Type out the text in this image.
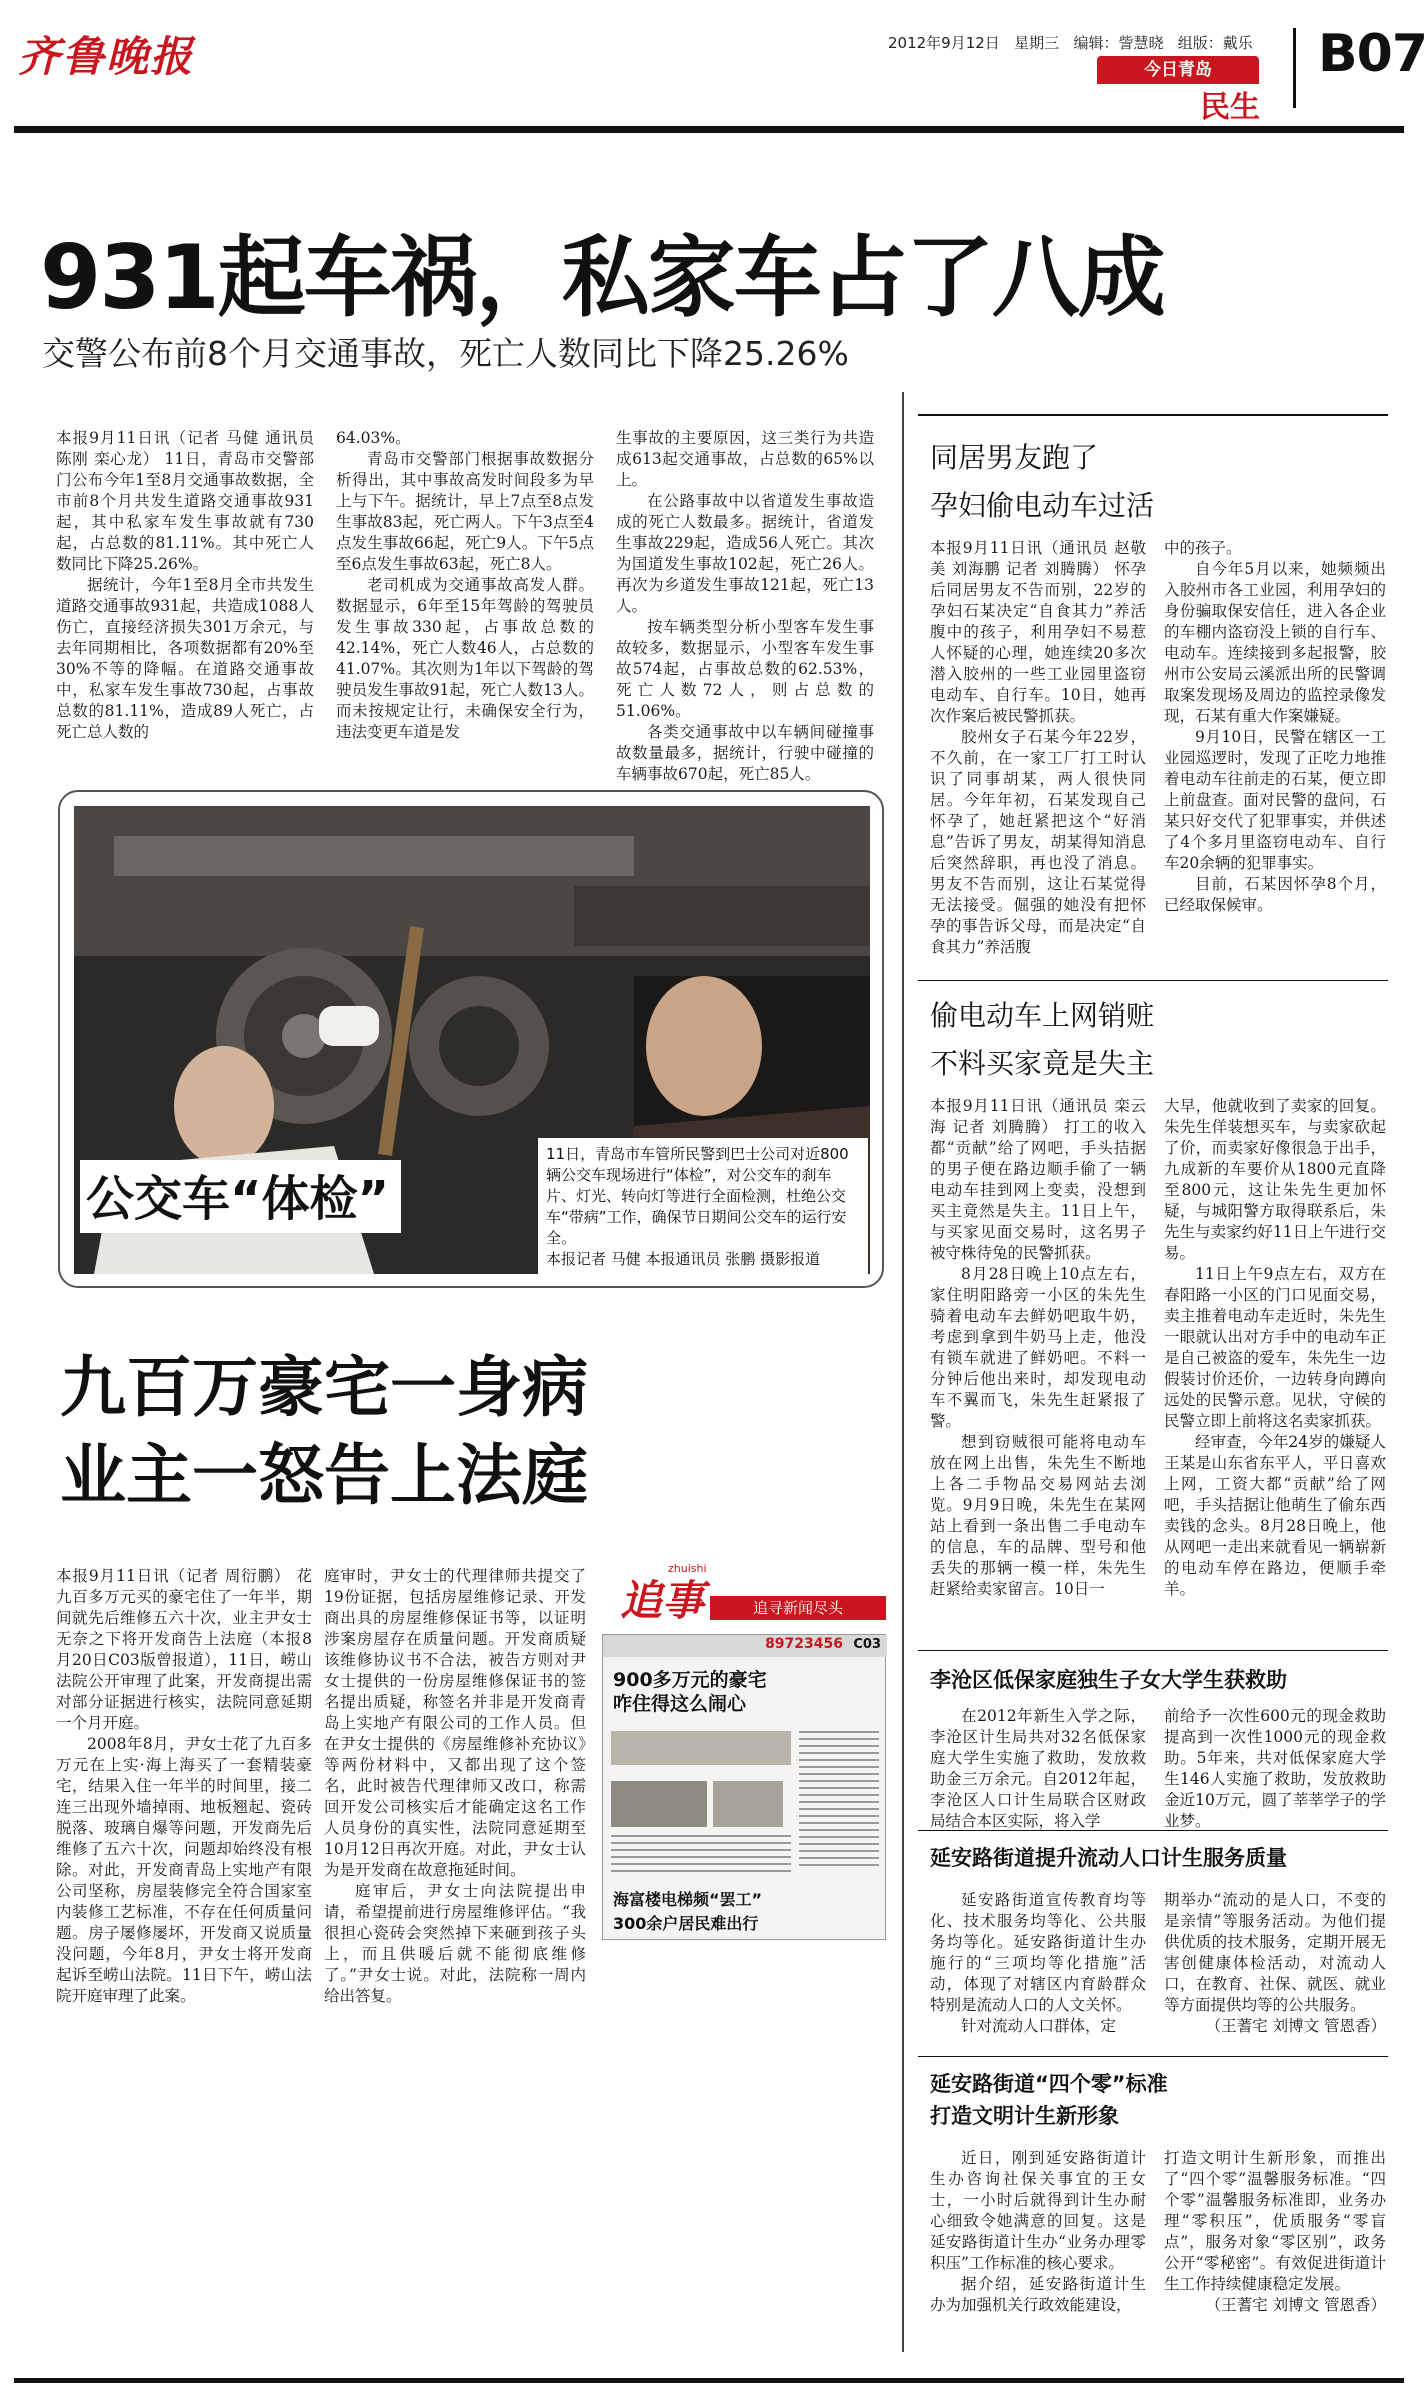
齐鲁晚报	2012年9月12日 星期三 编辑：訾慧晓 组版：戴乐
今日青岛
民生
B07
931起车祸，私家车占了八成
交警公布前8个月交通事故，死亡人数同比下降25.26%

本报9月11日讯（记者 马健 通讯员 陈刚 栾心龙） 11日，青岛市交警部门公布今年1至8月交通事故数据，全市前8个月共发生道路交通事故931起，其中私家车发生事故就有730起，占总数的81.11%。其中死亡人数同比下降25.26%。

据统计，今年1至8月全市共发生道路交通事故931起，共造成1088人伤亡，直接经济损失301万余元，与去年同期相比，各项数据都有20%至30%不等的降幅。在道路交通事故中，私家车发生事故730起，占事故总数的81.11%，造成89人死亡，占死亡总人数的

64.03%。

青岛市交警部门根据事故数据分析得出，其中事故高发时间段多为早上与下午。据统计，早上7点至8点发生事故83起，死亡两人。下午3点至4点发生事故66起，死亡9人。下午5点至6点发生事故63起，死亡8人。

老司机成为交通事故高发人群。数据显示，6年至15年驾龄的驾驶员发生事故330起，占事故总数的42.14%，死亡人数46人，占总数的41.07%。其次则为1年以下驾龄的驾驶员发生事故91起，死亡人数13人。而未按规定让行，未确保安全行为，违法变更车道是发

生事故的主要原因，这三类行为共造成613起交通事故，占总数的65%以上。

在公路事故中以省道发生事故造成的死亡人数最多。据统计，省道发生事故229起，造成56人死亡。其次为国道发生事故102起，死亡26人。再次为乡道发生事故121起，死亡13人。

按车辆类型分析小型客车发生事故较多，数据显示，小型客车发生事故574起，占事故总数的62.53%，死亡人数72人，则占总数的51.06%。

各类交通事故中以车辆间碰撞事故数量最多，据统计，行驶中碰撞的车辆事故670起，死亡85人。

公交车“体检”
11日，青岛市车管所民警到巴士公司对近800辆公交车现场进行“体检”，对公交车的刹车片、灯光、转向灯等进行全面检测，杜绝公交车“带病”工作，确保节日期间公交车的运行安全。
本报记者 马健 本报通讯员 张鹏 摄影报道
九百万豪宅一身病
业主一怒告上法庭

本报9月11日讯（记者 周衍鹏） 花九百多万元买的豪宅住了一年半，期间就先后维修五六十次，业主尹女士无奈之下将开发商告上法庭（本报8月20日C03版曾报道），11日，崂山法院公开审理了此案，开发商提出需对部分证据进行核实，法院同意延期一个月开庭。

2008年8月，尹女士花了九百多万元在上实·海上海买了一套精装豪宅，结果入住一年半的时间里，接二连三出现外墙掉雨、地板翘起、瓷砖脱落、玻璃自爆等问题，开发商先后维修了五六十次，问题却始终没有根除。对此，开发商青岛上实地产有限公司坚称，房屋装修完全符合国家室内装修工艺标准，不存在任何质量问题。房子屡修屡坏，开发商又说质量没问题，今年8月，尹女士将开发商起诉至崂山法院。11日下午，崂山法院开庭审理了此案。

庭审时，尹女士的代理律师共提交了19份证据，包括房屋维修记录、开发商出具的房屋维修保证书等，以证明涉案房屋存在质量问题。开发商质疑该维修协议书不合法，被告方则对尹女士提供的一份房屋维修保证书的签名提出质疑，称签名并非是开发商青岛上实地产有限公司的工作人员。但在尹女士提供的《房屋维修补充协议》等两份材料中，又都出现了这个签名，此时被告代理律师又改口，称需回开发公司核实后才能确定这名工作人员身份的真实性，法院同意延期至10月12日再次开庭。对此，尹女士认为是开发商在故意拖延时间。

庭审后，尹女士向法院提出申请，希望提前进行房屋维修评估。“我很担心瓷砖会突然掉下来砸到孩子头上，而且供暖后就不能彻底维修了。”尹女士说。对此，法院称一周内给出答复。

追事
zhuishi
追寻新闻尽头
89723456 C03
900多万元的豪宅
咋住得这么闹心
海富楼电梯频“罢工”
300余户居民难出行
同居男友跑了
孕妇偷电动车过活

本报9月11日讯（通讯员 赵敬美 刘海鹏 记者 刘腾腾） 怀孕后同居男友不告而别，22岁的孕妇石某决定“自食其力”养活腹中的孩子，利用孕妇不易惹人怀疑的心理，她连续20多次潜入胶州的一些工业园里盗窃电动车、自行车。10日，她再次作案后被民警抓获。

胶州女子石某今年22岁，不久前，在一家工厂打工时认识了同事胡某，两人很快同居。今年年初，石某发现自己怀孕了，她赶紧把这个“好消息”告诉了男友，胡某得知消息后突然辞职，再也没了消息。男友不告而别，这让石某觉得无法接受。倔强的她没有把怀孕的事告诉父母，而是决定“自食其力”养活腹

中的孩子。

自今年5月以来，她频频出入胶州市各工业园，利用孕妇的身份骗取保安信任，进入各企业的车棚内盗窃没上锁的自行车、电动车。连续接到多起报警，胶州市公安局云溪派出所的民警调取案发现场及周边的监控录像发现，石某有重大作案嫌疑。

9月10日，民警在辖区一工业园巡逻时，发现了正吃力地推着电动车往前走的石某，便立即上前盘查。面对民警的盘问，石某只好交代了犯罪事实，并供述了4个多月里盗窃电动车、自行车20余辆的犯罪事实。

目前，石某因怀孕8个月，已经取保候审。

偷电动车上网销赃
不料买家竟是失主

本报9月11日讯（通讯员 栾云海 记者 刘腾腾） 打工的收入都“贡献”给了网吧，手头拮据的男子便在路边顺手偷了一辆电动车挂到网上变卖，没想到买主竟然是失主。11日上午，与买家见面交易时，这名男子被守株待兔的民警抓获。

8月28日晚上10点左右，家住明阳路旁一小区的朱先生骑着电动车去鲜奶吧取牛奶，考虑到拿到牛奶马上走，他没有锁车就进了鲜奶吧。不料一分钟后他出来时，却发现电动车不翼而飞，朱先生赶紧报了警。

想到窃贼很可能将电动车放在网上出售，朱先生不断地上各二手物品交易网站去浏览。9月9日晚，朱先生在某网站上看到一条出售二手电动车的信息，车的品牌、型号和他丢失的那辆一模一样，朱先生赶紧给卖家留言。10日一

大早，他就收到了卖家的回复。朱先生佯装想买车，与卖家砍起了价，而卖家好像很急于出手，九成新的车要价从1800元直降至800元，这让朱先生更加怀疑，与城阳警方取得联系后，朱先生与卖家约好11日上午进行交易。

11日上午9点左右，双方在春阳路一小区的门口见面交易，卖主推着电动车走近时，朱先生一眼就认出对方手中的电动车正是自己被盗的爱车，朱先生一边假装讨价还价，一边转身向蹲向远处的民警示意。见状，守候的民警立即上前将这名卖家抓获。

经审查，今年24岁的嫌疑人王某是山东省东平人，平日喜欢上网，工资大都“贡献”给了网吧，手头拮据让他萌生了偷东西卖钱的念头。8月28日晚上，他从网吧一走出来就看见一辆崭新的电动车停在路边，便顺手牵羊。

李沧区低保家庭独生子女大学生获救助

在2012年新生入学之际，李沧区计生局共对32名低保家庭大学生实施了救助，发放救助金三万余元。自2012年起，李沧区人口计生局联合区财政局结合本区实际，将入学

前给予一次性600元的现金救助提高到一次性1000元的现金救助。5年来，共对低保家庭大学生146人实施了救助，发放救助金近10万元，圆了莘莘学子的学业梦。

延安路街道提升流动人口计生服务质量

延安路街道宣传教育均等化、技术服务均等化、公共服务均等化。延安路街道计生办施行的“三项均等化措施”活动，体现了对辖区内育龄群众特别是流动人口的人文关怀。

针对流动人口群体，定

期举办“流动的是人口，不变的是亲情”等服务活动。为他们提供优质的技术服务，定期开展无害创健康体检活动，对流动人口，在教育、社保、就医、就业等方面提供均等的公共服务。

（王蓍宅 刘博文 管恩香）

延安路街道“四个零”标准
打造文明计生新形象

近日，刚到延安路街道计生办咨询社保关事宜的王女士，一小时后就得到计生办耐心细致令她满意的回复。这是延安路街道计生办“业务办理零积压”工作标准的核心要求。

据介绍，延安路街道计生办为加强机关行政效能建设，

打造文明计生新形象，而推出了“四个零”温馨服务标准。“四个零”温馨服务标准即，业务办理“零积压”，优质服务“零盲点”，服务对象“零区别”，政务公开“零秘密”。有效促进街道计生工作持续健康稳定发展。

（王蓍宅 刘博文 管恩香）
